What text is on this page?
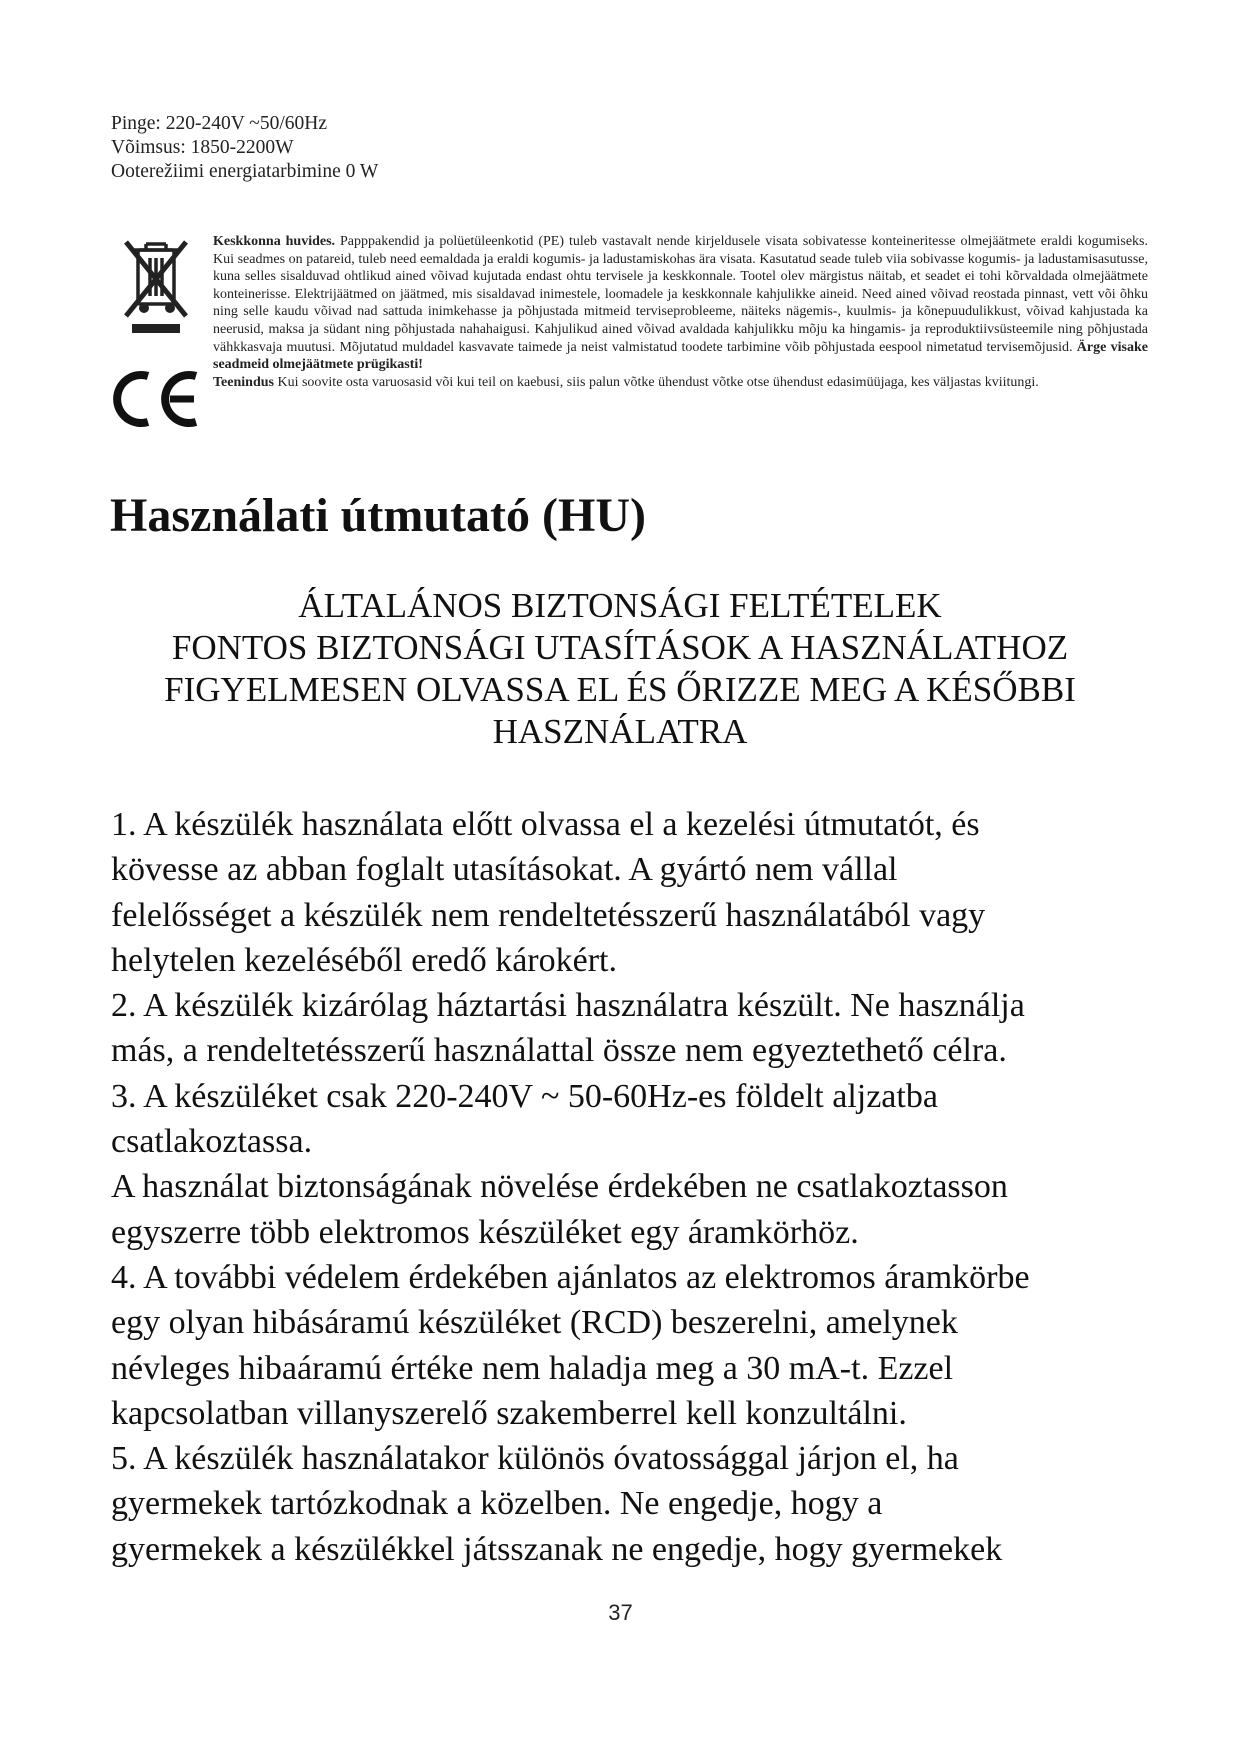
Pinge: 220-240V ~50/60Hz
Võimsus: 1850-2200W
Ooterežiimi energiatarbimine 0 W

Keskkonna huvides. Papppakendid ja polüetüleenkotid (PE) tuleb vastavalt nende kirjeldusele visata sobivatesse konteineritesse olmejäätmete eraldi kogumiseks. Kui seadmes on patareid, tuleb need eemaldada ja eraldi kogumis- ja ladustamiskohas ära visata. Kasutatud seade tuleb viia sobivasse kogumis- ja ladustamisasutusse, kuna selles sisalduvad ohtlikud ained võivad kujutada endast ohtu tervisele ja keskkonnale. Tootel olev märgistus näitab, et seadet ei tohi kõrvaldada olmejäätmete konteinerisse. Elektrijäätmed on jäätmed, mis sisaldavad inimestele, loomadele ja keskkonnale kahjulikke aineid. Need ained võivad reostada pinnast, vett või õhku ning selle kaudu võivad nad sattuda inimkehasse ja põhjustada mitmeid terviseprobleeme, näiteks nägemis-, kuulmis- ja kõnepuudulikkust, võivad kahjustada ka neerusid, maksa ja südant ning põhjustada nahahaigusi. Kahjulikud ained võivad avaldada kahjulikku mõju ka hingamis- ja reproduktiivsüsteemile ning põhjustada vähkkasvaja muutusi. Mõjutatud muldadel kasvavate taimede ja neist valmistatud toodete tarbimine võib põhjustada eespool nimetatud tervisemõjusid. Ärge visake seadmeid olmejäätmete prügikasti!

Teenindus Kui soovite osta varuosasid või kui teil on kaebusi, siis palun võtke ühendust võtke otse ühendust edasimüüjaga, kes väljastas kviitungi.

Használati útmutató (HU)
ÁLTALÁNOS BIZTONSÁGI FELTÉTELEK
FONTOS BIZTONSÁGI UTASÍTÁSOK A HASZNÁLATHOZ
FIGYELMESEN OLVASSA EL ÉS ŐRIZZE MEG A KÉSŐBBI
HASZNÁLATRA
1. A készülék használata előtt olvassa el a kezelési útmutatót, és
kövesse az abban foglalt utasításokat. A gyártó nem vállal
felelősséget a készülék nem rendeltetésszerű használatából vagy
helytelen kezeléséből eredő károkért.
2. A készülék kizárólag háztartási használatra készült. Ne használja
más, a rendeltetésszerű használattal össze nem egyeztethető célra.
3. A készüléket csak 220-240V ~ 50-60Hz-es földelt aljzatba
csatlakoztassa.
A használat biztonságának növelése érdekében ne csatlakoztasson
egyszerre több elektromos készüléket egy áramkörhöz.
4. A további védelem érdekében ajánlatos az elektromos áramkörbe
egy olyan hibásáramú készüléket (RCD) beszerelni, amelynek
névleges hibaáramú értéke nem haladja meg a 30 mA-t. Ezzel
kapcsolatban villanyszerelő szakemberrel kell konzultálni.
5. A készülék használatakor különös óvatossággal járjon el, ha
gyermekek tartózkodnak a közelben. Ne engedje, hogy a
gyermekek a készülékkel játsszanak ne engedje, hogy gyermekek
37
